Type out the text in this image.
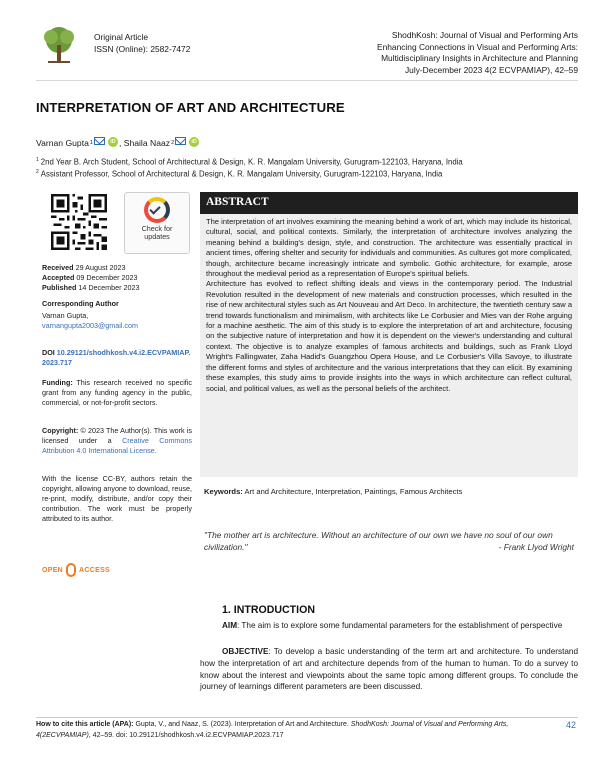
Original Article
ISSN (Online): 2582-7472
ShodhKosh: Journal of Visual and Performing Arts
Enhancing Connections in Visual and Performing Arts:
Multidisciplinary Insights in Architecture and Planning
July-December 2023 4(2 ECVPAMIAP), 42–59
INTERPRETATION OF ART AND ARCHITECTURE
Varnan Gupta 1	iD , Shaila Naaz 2	iD
$^1$ 2nd Year B. Arch Student, School of Architectural & Design, K. R. Mangalam University, Gurugram-122103, Haryana, India
$^2$ Assistant Professor, School of Architectural & Design, K. R. Mangalam University, Gurugram-122103, Haryana, India
Check for
updates
Received 29 August 2023
Accepted 09 December 2023
Published 14 December 2023
Corresponding Author
Varnan Gupta,
varnangupta2003@gmail.com
DOI 10.29121/shodhkosh.v4.i2.ECVPAMIAP.2023.717
Funding: This research received no specific grant from any funding agency in the public, commercial, or not-for-profit sectors.
Copyright: © 2023 The Author(s). This work is licensed under a Creative Commons Attribution 4.0 International License.
With the license CC-BY, authors retain the copyright, allowing anyone to download, reuse, re-print, modify, distribute, and/or copy their contribution. The work must be properly attributed to its author.
OPEN ACCESS
ABSTRACT

The interpretation of art involves examining the meaning behind a work of art, which may include its historical, cultural, social, and political contexts. Similarly, the interpretation of architecture involves analyzing the meaning behind a building's design, style, and construction. The architecture was essentially practical in ancient times, offering shelter and security for individuals and communities. As cultures got more complicated, though, architecture became increasingly intricate and symbolic. Gothic architecture, for example, arose throughout the medieval period as a representation of Europe's spiritual beliefs.

Architecture has evolved to reflect shifting ideals and views in the contemporary period. The Industrial Revolution resulted in the development of new materials and construction processes, which resulted in the rise of new architectural styles such as Art Nouveau and Art Deco. In architecture, the twentieth century saw a trend towards functionalism and minimalism, with architects like Le Corbusier and Mies van der Rohe arguing for a machine aesthetic. The aim of this study is to explore the interpretation of art and architecture, focusing on the subjective nature of interpretation and how it is dependent on the viewer's understanding and cultural context. The objective is to analyze examples of famous architects and buildings, such as Frank Lloyd Wright's Fallingwater, Zaha Hadid's Guangzhou Opera House, and Le Corbusier's Villa Savoye, to illustrate the different forms and styles of architecture and the various interpretations that they can elicit. By examining these examples, this study aims to provide insights into the ways in which architecture can reflect cultural, social, and political values, as well as the personal beliefs of the architect.

Keywords: Art and Architecture, Interpretation, Paintings, Famous Architects
"The mother art is architecture. Without an architecture of our own we have no soul of our own civilization."	- Frank Llyod Wright
1. INTRODUCTION
AIM: The aim is to explore some fundamental parameters for the establishment of perspective
OBJECTIVE: To develop a basic understanding of the term art and architecture. To understand how the interpretation of art and architecture depends from of the human to human. To do a survey to know about the interest and viewpoints about the same topic among different groups. To conclude the journey of learnings different parameters are been discussed.
How to cite this article (APA): Gupta, V., and Naaz, S. (2023). Interpretation of Art and Architecture. ShodhKosh: Journal of Visual and Performing Arts, 4(2ECVPAMIAP), 42–59. doi: 10.29121/shodhkosh.v4.i2.ECVPAMIAP.2023.717
42
